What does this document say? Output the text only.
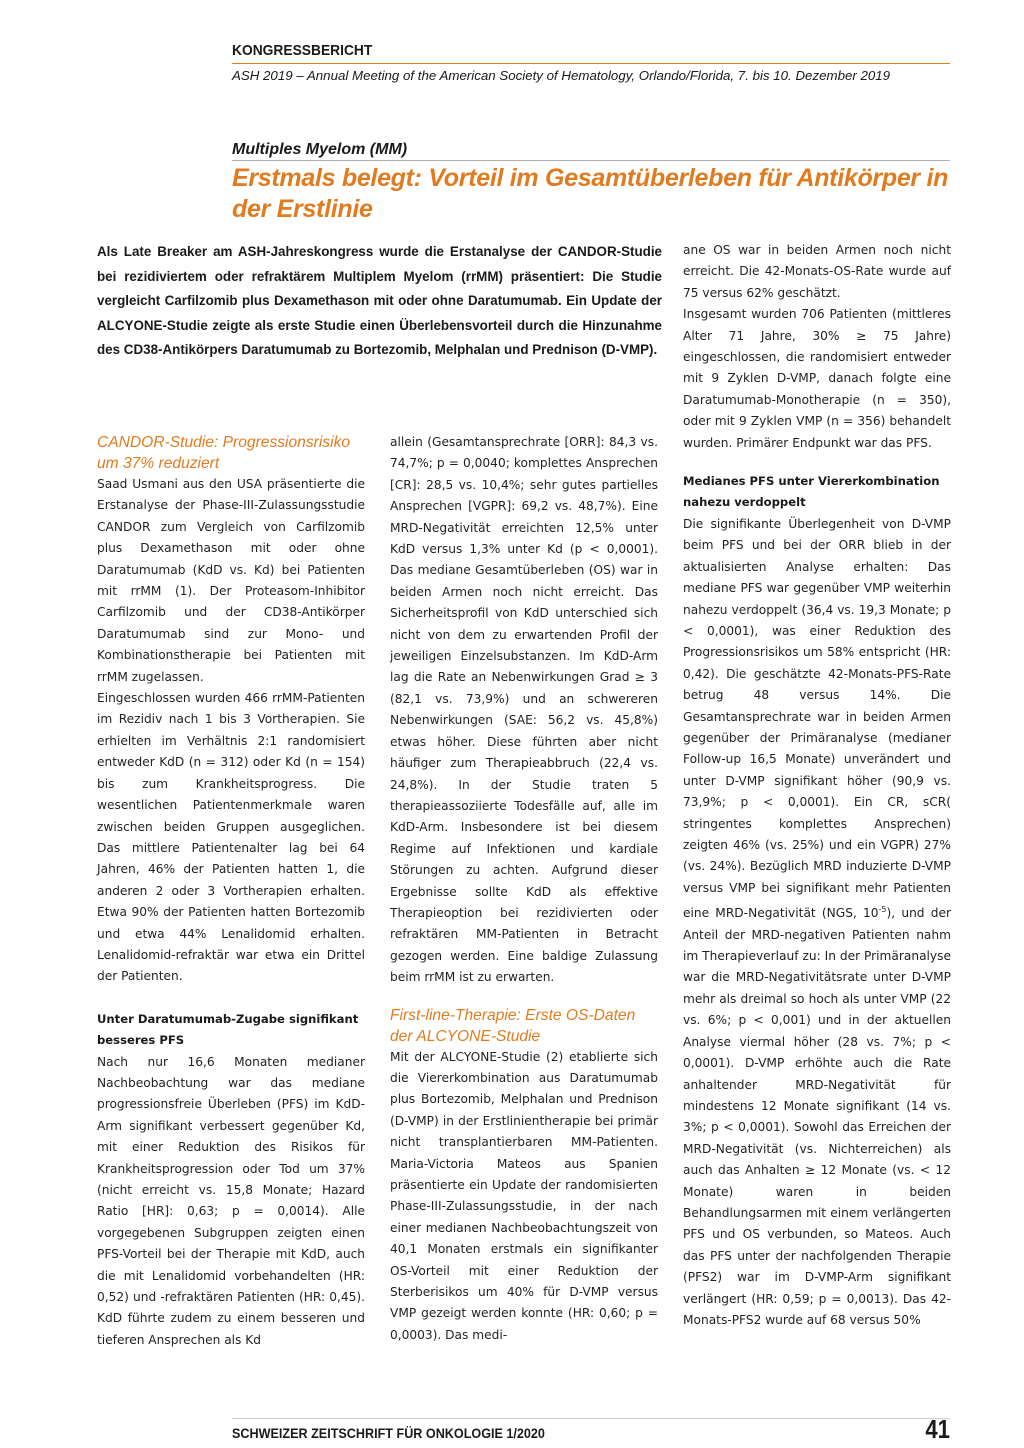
KONGRESSBERICHT
ASH 2019 – Annual Meeting of the American Society of Hematology, Orlando/Florida, 7. bis 10. Dezember 2019
Multiples Myelom (MM)
Erstmals belegt: Vorteil im Gesamtüberleben für Antikörper in der Erstlinie
Als Late Breaker am ASH-Jahreskongress wurde die Erstanalyse der CANDOR-Studie bei rezidiviertem oder refraktärem Multiplem Myelom (rrMM) präsentiert: Die Studie vergleicht Carfilzomib plus Dexamethason mit oder ohne Daratumumab. Ein Update der ALCYONE-Studie zeigte als erste Studie einen Überlebensvorteil durch die Hinzunahme des CD38-Antikörpers Daratumumab zu Bortezomib, Melphalan und Prednison (D-VMP).

CANDOR-Studie: Progressionsrisiko um 37% reduziert

Saad Usmani aus den USA präsentierte die Erstanalyse der Phase-III-Zulassungsstudie CANDOR zum Vergleich von Carfilzomib plus Dexamethason mit oder ohne Daratumumab (KdD vs. Kd) bei Patienten mit rrMM (1). Der Proteasom-Inhibitor Carfilzomib und der CD38-Antikörper Daratumumab sind zur Mono- und Kombinationstherapie bei Patienten mit rrMM zugelassen.

Eingeschlossen wurden 466 rrMM-Patienten im Rezidiv nach 1 bis 3 Vortherapien. Sie erhielten im Verhältnis 2:1 randomisiert entweder KdD (n = 312) oder Kd (n = 154) bis zum Krankheitsprogress. Die wesentlichen Patientenmerkmale waren zwischen beiden Gruppen ausgeglichen. Das mittlere Patientenalter lag bei 64 Jahren, 46% der Patienten hatten 1, die anderen 2 oder 3 Vortherapien erhalten. Etwa 90% der Patienten hatten Bortezomib und etwa 44% Lenalidomid erhalten. Lenalidomid-refraktär war etwa ein Drittel der Patienten.

Unter Daratumumab-Zugabe signifikant besseres PFS

Nach nur 16,6 Monaten medianer Nachbeobachtung war das mediane progressionsfreie Überleben (PFS) im KdD-Arm signifikant verbessert gegenüber Kd, mit einer Reduktion des Risikos für Krankheitsprogression oder Tod um 37% (nicht erreicht vs. 15,8 Monate; Hazard Ratio [HR]: 0,63; p = 0,0014). Alle vorgegebenen Subgruppen zeigten einen PFS-Vorteil bei der Therapie mit KdD, auch die mit Lenalidomid vorbehandelten (HR: 0,52) und -refraktären Patienten (HR: 0,45). KdD führte zudem zu einem besseren und tieferen Ansprechen als Kd

allein (Gesamtansprechrate [ORR]: 84,3 vs. 74,7%; p = 0,0040; komplettes Ansprechen [CR]: 28,5 vs. 10,4%; sehr gutes partielles Ansprechen [VGPR]: 69,2 vs. 48,7%). Eine MRD-Negativität erreichten 12,5% unter KdD versus 1,3% unter Kd (p < 0,0001). Das mediane Gesamtüberleben (OS) war in beiden Armen noch nicht erreicht. Das Sicherheitsprofil von KdD unterschied sich nicht von dem zu erwartenden Profil der jeweiligen Einzelsubstanzen. Im KdD-Arm lag die Rate an Nebenwirkungen Grad ≥ 3 (82,1 vs. 73,9%) und an schwereren Nebenwirkungen (SAE: 56,2 vs. 45,8%) etwas höher. Diese führten aber nicht häufiger zum Therapieabbruch (22,4 vs. 24,8%). In der Studie traten 5 therapieassoziierte Todesfälle auf, alle im KdD-Arm. Insbesondere ist bei diesem Regime auf Infektionen und kardiale Störungen zu achten. Aufgrund dieser Ergebnisse sollte KdD als effektive Therapieoption bei rezidivierten oder refraktären MM-Patienten in Betracht gezogen werden. Eine baldige Zulassung beim rrMM ist zu erwarten.

First-line-Therapie: Erste OS-Daten der ALCYONE-Studie

Mit der ALCYONE-Studie (2) etablierte sich die Viererkombination aus Daratumumab plus Bortezomib, Melphalan und Prednison (D-VMP) in der Erstlinientherapie bei primär nicht transplantierbaren MM-Patienten. Maria-Victoria Mateos aus Spanien präsentierte ein Update der randomisierten Phase-III-Zulassungsstudie, in der nach einer medianen Nachbeobachtungszeit von 40,1 Monaten erstmals ein signifikanter OS-Vorteil mit einer Reduktion der Sterberisikos um 40% für D-VMP versus VMP gezeigt werden konnte (HR: 0,60; p = 0,0003). Das medi-

ane OS war in beiden Armen noch nicht erreicht. Die 42-Monats-OS-Rate wurde auf 75 versus 62% geschätzt.

Insgesamt wurden 706 Patienten (mittleres Alter 71 Jahre, 30% ≥ 75 Jahre) eingeschlossen, die randomisiert entweder mit 9 Zyklen D-VMP, danach folgte eine Daratumumab-Monotherapie (n = 350), oder mit 9 Zyklen VMP (n = 356) behandelt wurden. Primärer Endpunkt war das PFS.

Medianes PFS unter Viererkombination nahezu verdoppelt

Die signifikante Überlegenheit von D-VMP beim PFS und bei der ORR blieb in der aktualisierten Analyse erhalten: Das mediane PFS war gegenüber VMP weiterhin nahezu verdoppelt (36,4 vs. 19,3 Monate; p < 0,0001), was einer Reduktion des Progressionsrisikos um 58% entspricht (HR: 0,42). Die geschätzte 42-Monats-PFS-Rate betrug 48 versus 14%. Die Gesamtansprechrate war in beiden Armen gegenüber der Primäranalyse (medianer Follow-up 16,5 Monate) unverändert und unter D-VMP signifikant höher (90,9 vs. 73,9%; p < 0,0001). Ein CR, sCR( stringentes komplettes Ansprechen) zeigten 46% (vs. 25%) und ein VGPR) 27% (vs. 24%). Bezüglich MRD induzierte D-VMP versus VMP bei signifikant mehr Patienten eine MRD-Negativität (NGS, $10^{-5}$), und der Anteil der MRD-negativen Patienten nahm im Therapieverlauf zu: In der Primäranalyse war die MRD-Negativitätsrate unter D-VMP mehr als dreimal so hoch als unter VMP (22 vs. 6%; p < 0,001) und in der aktuellen Analyse viermal höher (28 vs. 7%; p < 0,0001). D-VMP erhöhte auch die Rate anhaltender MRD-Negativität für mindestens 12 Monate signifikant (14 vs. 3%; p < 0,0001). Sowohl das Erreichen der MRD-Negativität (vs. Nichterreichen) als auch das Anhalten ≥ 12 Monate (vs. < 12 Monate) waren in beiden Behandlungsarmen mit einem verlängerten PFS und OS verbunden, so Mateos. Auch das PFS unter der nachfolgenden Therapie (PFS2) war im D-VMP-Arm signifikant verlängert (HR: 0,59; p = 0,0013). Das 42-Monats-PFS2 wurde auf 68 versus 50%

SCHWEIZER ZEITSCHRIFT FÜR ONKOLOGIE 1/2020	41
